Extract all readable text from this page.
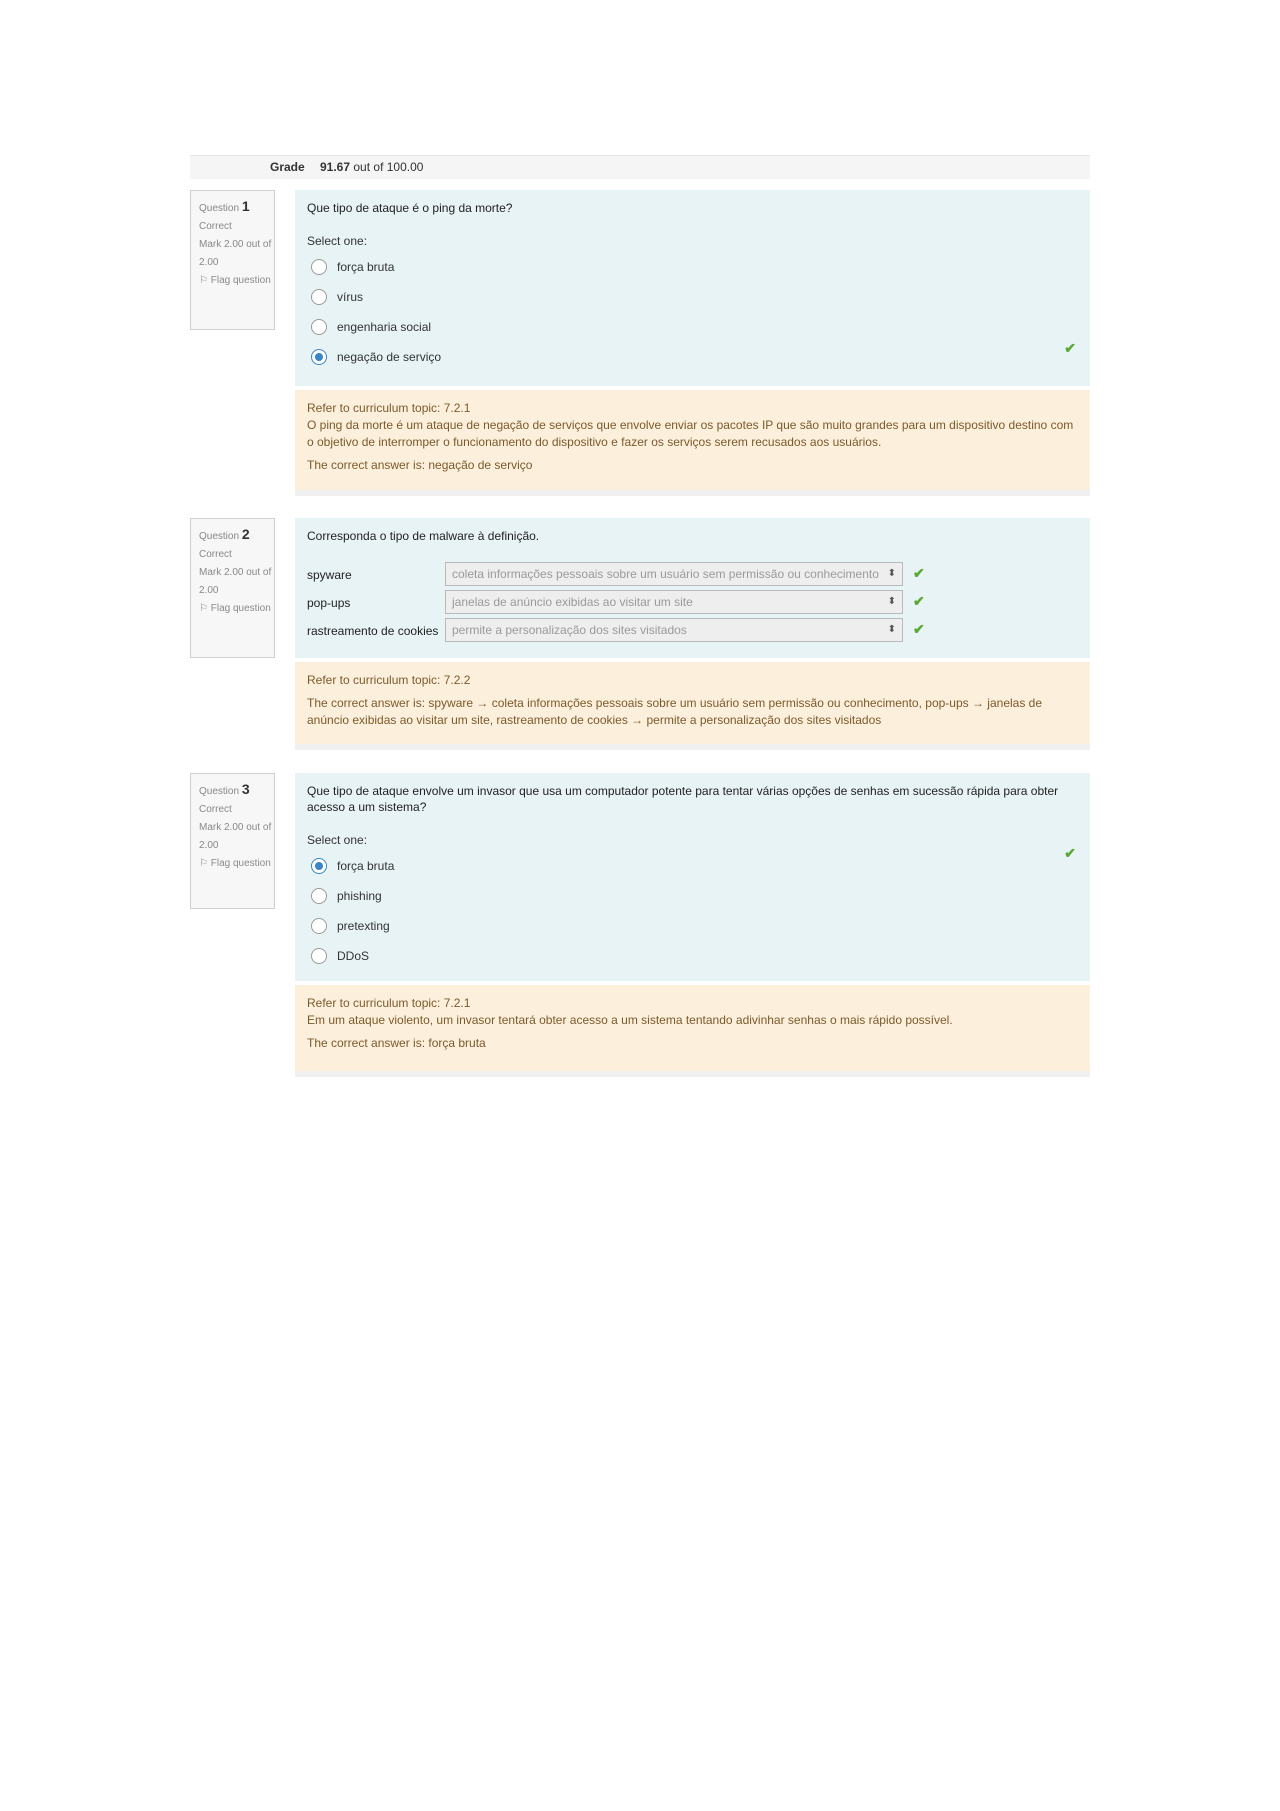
Grade 91.67 out of 100.00
Question 1
Correct
Mark 2.00 out of 2.00
⚐ Flag question
Que tipo de ataque é o ping da morte?
Select one:
força bruta
vírus
engenharia social
negação de serviço
✔
Refer to curriculum topic: 7.2.1
O ping da morte é um ataque de negação de serviços que envolve enviar os pacotes IP que são muito grandes para um dispositivo destino com o objetivo de interromper o funcionamento do dispositivo e fazer os serviços serem recusados aos usuários.
The correct answer is: negação de serviço
Question 2
Correct
Mark 2.00 out of 2.00
⚐ Flag question
Corresponda o tipo de malware à definição.
spyware	coleta informações pessoais sobre um usuário sem permissão ou conhecimento ⬍ ✔
pop-ups	janelas de anúncio exibidas ao visitar um site	⬍ ✔
rastreamento de cookies	permite a personalização dos sites visitados	⬍ ✔
Refer to curriculum topic: 7.2.2
The correct answer is: spyware → coleta informações pessoais sobre um usuário sem permissão ou conhecimento, pop-ups → janelas de anúncio exibidas ao visitar um site, rastreamento de cookies → permite a personalização dos sites visitados
Question 3
Correct
Mark 2.00 out of 2.00
⚐ Flag question
Que tipo de ataque envolve um invasor que usa um computador potente para tentar várias opções de senhas em sucessão rápida para obter acesso a um sistema?
Select one:
força bruta
phishing
pretexting
DDoS
✔
Refer to curriculum topic: 7.2.1
Em um ataque violento, um invasor tentará obter acesso a um sistema tentando adivinhar senhas o mais rápido possível.
The correct answer is: força bruta
